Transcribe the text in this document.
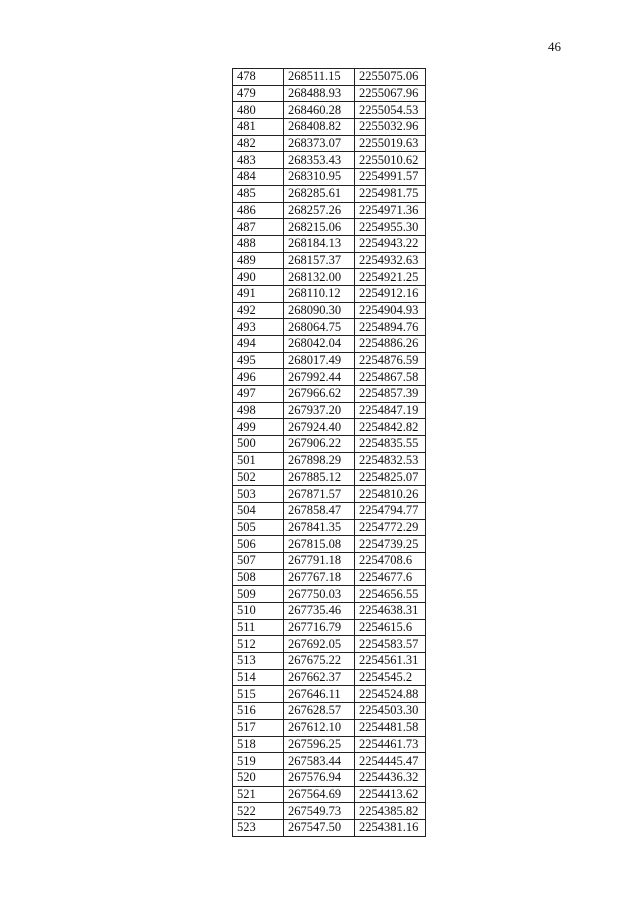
46
478	268511.15	2255075.06
479	268488.93	2255067.96
480	268460.28	2255054.53
481	268408.82	2255032.96
482	268373.07	2255019.63
483	268353.43	2255010.62
484	268310.95	2254991.57
485	268285.61	2254981.75
486	268257.26	2254971.36
487	268215.06	2254955.30
488	268184.13	2254943.22
489	268157.37	2254932.63
490	268132.00	2254921.25
491	268110.12	2254912.16
492	268090.30	2254904.93
493	268064.75	2254894.76
494	268042.04	2254886.26
495	268017.49	2254876.59
496	267992.44	2254867.58
497	267966.62	2254857.39
498	267937.20	2254847.19
499	267924.40	2254842.82
500	267906.22	2254835.55
501	267898.29	2254832.53
502	267885.12	2254825.07
503	267871.57	2254810.26
504	267858.47	2254794.77
505	267841.35	2254772.29
506	267815.08	2254739.25
507	267791.18	2254708.6
508	267767.18	2254677.6
509	267750.03	2254656.55
510	267735.46	2254638.31
511	267716.79	2254615.6
512	267692.05	2254583.57
513	267675.22	2254561.31
514	267662.37	2254545.2
515	267646.11	2254524.88
516	267628.57	2254503.30
517	267612.10	2254481.58
518	267596.25	2254461.73
519	267583.44	2254445.47
520	267576.94	2254436.32
521	267564.69	2254413.62
522	267549.73	2254385.82
523	267547.50	2254381.16
